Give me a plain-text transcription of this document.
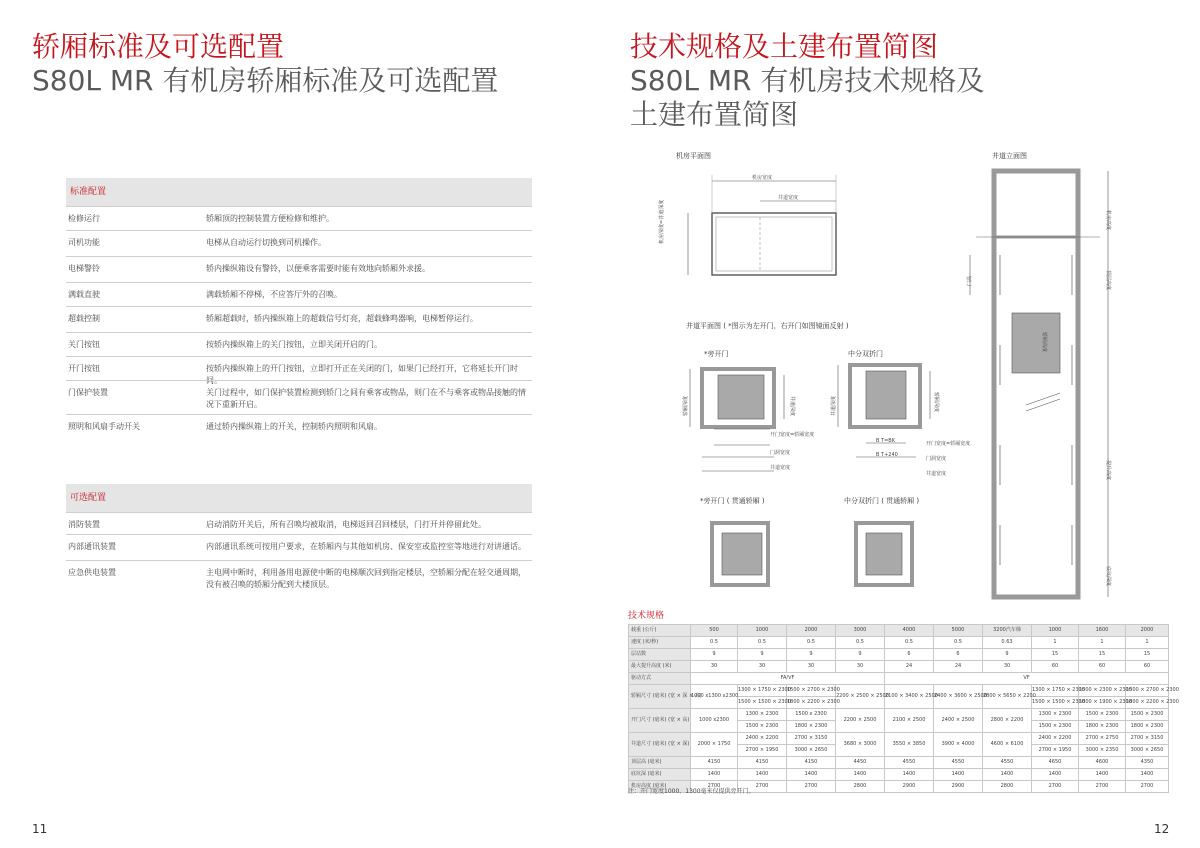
轿厢标准及可选配置
S80L MR 有机房轿厢标准及可选配置
标准配置
检修运行	轿厢顶的控制装置方便检修和维护。
司机功能	电梯从自动运行切换到司机操作。
电梯警铃	轿内操纵箱设有警铃，以便乘客需要时能有效地向轿厢外求援。
满载直驶	满载轿厢不停梯，不应答厅外的召唤。
超载控制	轿厢超载时，轿内操纵箱上的超载信号灯亮，超载蜂鸣器响，电梯暂停运行。
关门按钮	按轿内操纵箱上的关门按钮，立即关闭开启的门。
开门按钮	按轿内操纵箱上的开门按钮，立即打开正在关闭的门，如果门已经打开，它将延长开门时间。
门保护装置	关门过程中，如门保护装置检测到轿门之间有乘客或物品，则门在不与乘客或物品接触的情况下重新开启。
照明和风扇手动开关	通过轿内操纵箱上的开关，控制轿内照明和风扇。
可选配置
消防装置	启动消防开关后，所有召唤均被取消，电梯返回召回楼层，门打开并停留此处。
内部通讯装置	内部通讯系统可按用户要求，在轿厢内与其他如机房、保安室或监控室等地进行对讲通话。
应急供电装置	主电网中断时，利用备用电源使中断的电梯顺次回到指定楼层，空轿厢分配在轻交通周期，没有被召唤的轿厢分配到大楼顶层。
11
技术规格及土建布置简图
S80L MR 有机房技术规格及
土建布置简图
机房平面图	井道立面图
机房宽度
井道宽度
机房深度=井道深度	机房高度
顶层高度
门高
轿厢高度
提升高度
底坑深度
井道平面图 ( *图示为左开门，右开门如图镜面反射 )
*旁开门	中分双折门
轿厢深度	井道深度
开门宽度=轿厢宽度
门洞宽度
井道宽度
井道深度	轿厢深度
B T=BK
B T+240
开门宽度=轿厢宽度
门洞宽度
井道宽度
*旁开门 ( 贯通轿厢 )	中分双折门 ( 贯通轿厢 )
技术规格
载重 (公斤)	500	1000	2000	3000	4000	5000	3200汽车梯	1000	1600	2000
速度 (米/秒)	0.5	0.5	0.5	0.5	0.5	0.5	0.63	1	1	1
层站数	9	9	9	9	6	6	9	15	15	15
最大提升高度 (米)	30	30	30	30	24	24	30	60	60	60
驱动方式	FA/VF				VF					
轿厢尺寸 (毫米) (宽 × 深 × 高)	1000 x1300 x2300	1300 × 1750 × 2300	1500 × 2700 × 2300	2200 × 2500 × 2500	2100 × 3400 × 2500	2400 × 3600 × 2500	2800 × 5650 × 2200	1300 × 1750 × 2300	1500 × 2300 × 2300	1500 × 2700 × 2300
		1500 × 1500 × 2300	1800 × 2200 × 2300					1500 × 1500 × 2300	1800 × 1900 × 2300	1800 × 2200 × 2300
开门尺寸 (毫米) (宽 × 高)	1000 x2300	1300 × 2300	1500 x 2300	2200 × 2500	2100 × 2500	2400 × 2500	2800 × 2200	1300 × 2300	1500 × 2300	1500 × 2300
		1500 × 2300	1800 × 2300					1500 × 2300	1800 × 2300	1800 × 2300
井道尺寸 (毫米) (宽 × 深)	2000 × 1750	2400 × 2200	2700 × 3150	3680 × 3000	3550 × 3850	3900 × 4000	4600 × 6100	2400 × 2200	2700 × 2750	2700 × 3150
		2700 × 1950	3000 × 2650					2700 × 1950	3000 × 2350	3000 × 2650
顶层高 (毫米)	4150	4150	4150	4450	4550	4550	4550	4650	4600	4350
底坑深 (毫米)	1400	1400	1400	1400	1400	1400	1400	1400	1400	1400
机房高度 (毫米)	2700	2700	2700	2800	2900	2900	2800	2700	2700	2700
注：开门宽度1000、1300毫米仅提供旁开门。
12
